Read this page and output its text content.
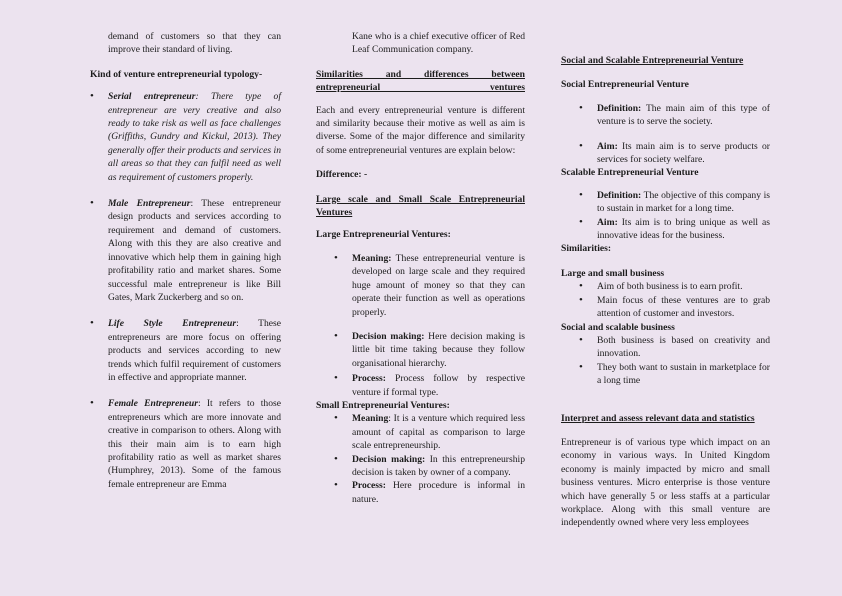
demand of customers so that they can improve their standard of living.

Kind of venture entrepreneurial typology-

• Serial entrepreneur: There type of entrepreneur are very creative and also ready to take risk as well as face challenges (Griffiths, Gundry and Kickul, 2013). They generally offer their products and services in all areas so that they can fulfil need as well as requirement of customers properly.

• Male Entrepreneur: These entrepreneur design products and services according to requirement and demand of customers. Along with this they are also creative and innovative which help them in gaining high profitability ratio and market shares. Some successful male entrepreneur is like Bill Gates, Mark Zuckerberg and so on.

• Life Style Entrepreneur: These entrepreneurs are more focus on offering products and services according to new trends which fulfil requirement of customers in effective and appropriate manner.

• Female Entrepreneur: It refers to those entrepreneurs which are more innovate and creative in comparison to others. Along with this their main aim is to earn high profitability ratio as well as market shares (Humphrey, 2013). Some of the famous female entrepreneur are Emma

Kane who is a chief executive officer of Red Leaf Communication company.

Similarities and differences between entrepreneurial ventures

Each and every entrepreneurial venture is different and similarity because their motive as well as aim is diverse. Some of the major difference and similarity of some entrepreneurial ventures are explain below:

Difference: -

Large scale and Small Scale Entrepreneurial Ventures

Large Entrepreneurial Ventures:

• Meaning: These entrepreneurial venture is developed on large scale and they required huge amount of money so that they can operate their function as well as operations properly.

• Decision making: Here decision making is little bit time taking because they follow organisational hierarchy.

• Process: Process follow by respective venture if formal type.

Small Entrepreneurial Ventures:

• Meaning: It is a venture which required less amount of capital as comparison to large scale entrepreneurship.

• Decision making: In this entrepreneurship decision is taken by owner of a company.

• Process: Here procedure is informal in nature.

Social and Scalable Entrepreneurial Venture

Social Entrepreneurial Venture

• Definition: The main aim of this type of venture is to serve the society.

• Aim: Its main aim is to serve products or services for society welfare.

Scalable Entrepreneurial Venture

• Definition: The objective of this company is to sustain in market for a long time.

• Aim: Its aim is to bring unique as well as innovative ideas for the business.

Similarities:

Large and small business

• Aim of both business is to earn profit.

• Main focus of these ventures are to grab attention of customer and investors.

Social and scalable business

• Both business is based on creativity and innovation.

• They both want to sustain in marketplace for a long time

Interpret and assess relevant data and statistics

Entrepreneur is of various type which impact on an economy in various ways. In United Kingdom economy is mainly impacted by micro and small business ventures. Micro enterprise is those venture which have generally 5 or less staffs at a particular workplace. Along with this small venture are independently owned where very less employees
